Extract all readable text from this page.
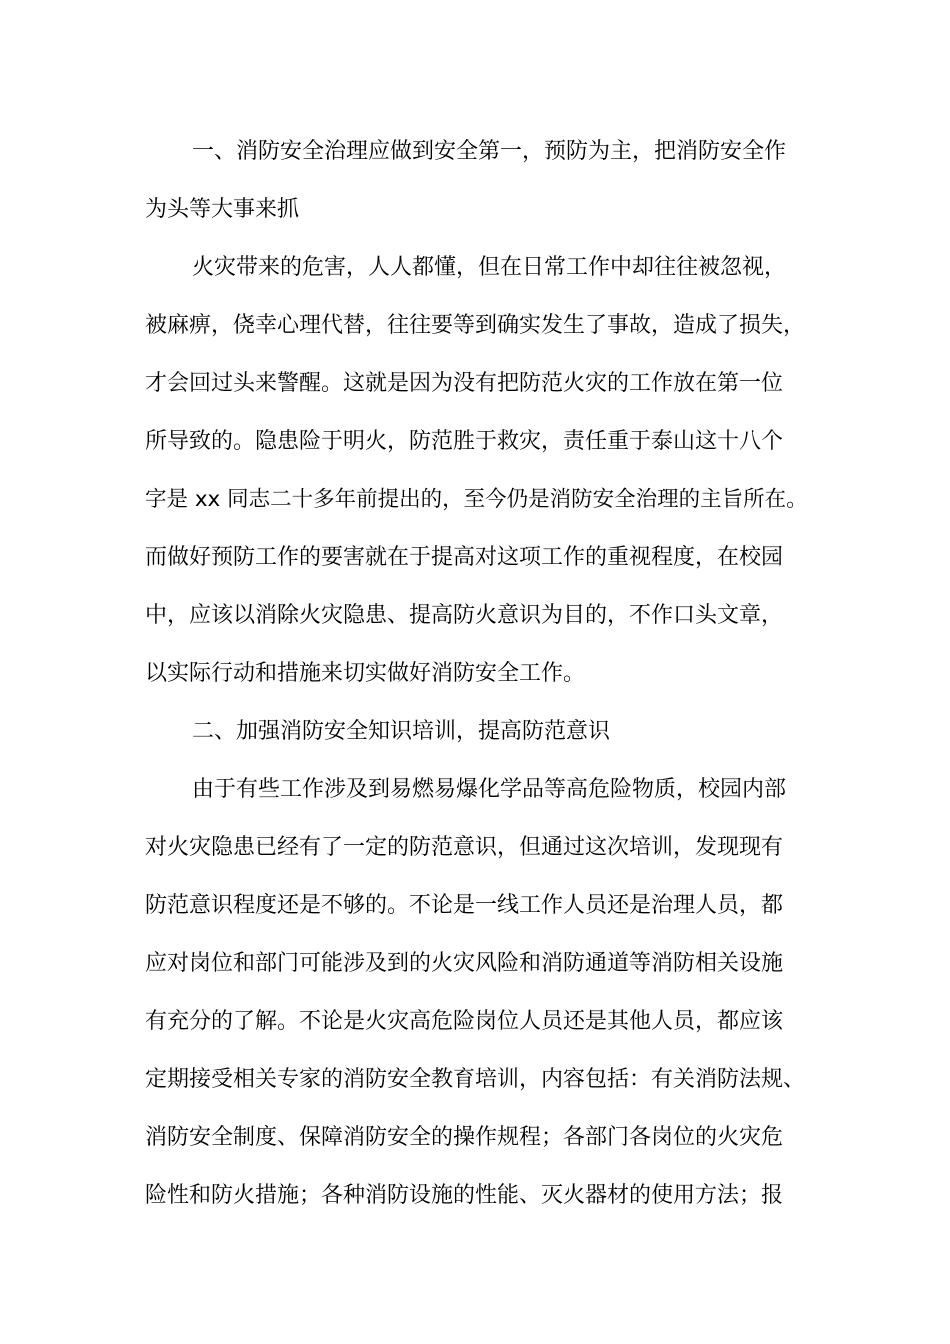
一、消防安全治理应做到安全第一，预防为主，把消防安全作
为头等大事来抓
火灾带来的危害，人人都懂，但在日常工作中却往往被忽视，
被麻痹，侥幸心理代替，往往要等到确实发生了事故，造成了损失，
才会回过头来警醒。这就是因为没有把防范火灾的工作放在第一位
所导致的。隐患险于明火，防范胜于救灾，责任重于泰山这十八个
字是 xx 同志二十多年前提出的，至今仍是消防安全治理的主旨所在。
而做好预防工作的要害就在于提高对这项工作的重视程度，在校园
中，应该以消除火灾隐患、提高防火意识为目的，不作口头文章，
以实际行动和措施来切实做好消防安全工作。
二、加强消防安全知识培训，提高防范意识
由于有些工作涉及到易燃易爆化学品等高危险物质，校园内部
对火灾隐患已经有了一定的防范意识，但通过这次培训，发现现有
防范意识程度还是不够的。不论是一线工作人员还是治理人员，都
应对岗位和部门可能涉及到的火灾风险和消防通道等消防相关设施
有充分的了解。不论是火灾高危险岗位人员还是其他人员，都应该
定期接受相关专家的消防安全教育培训，内容包括：有关消防法规、
消防安全制度、保障消防安全的操作规程；各部门各岗位的火灾危
险性和防火措施；各种消防设施的性能、灭火器材的使用方法；报
